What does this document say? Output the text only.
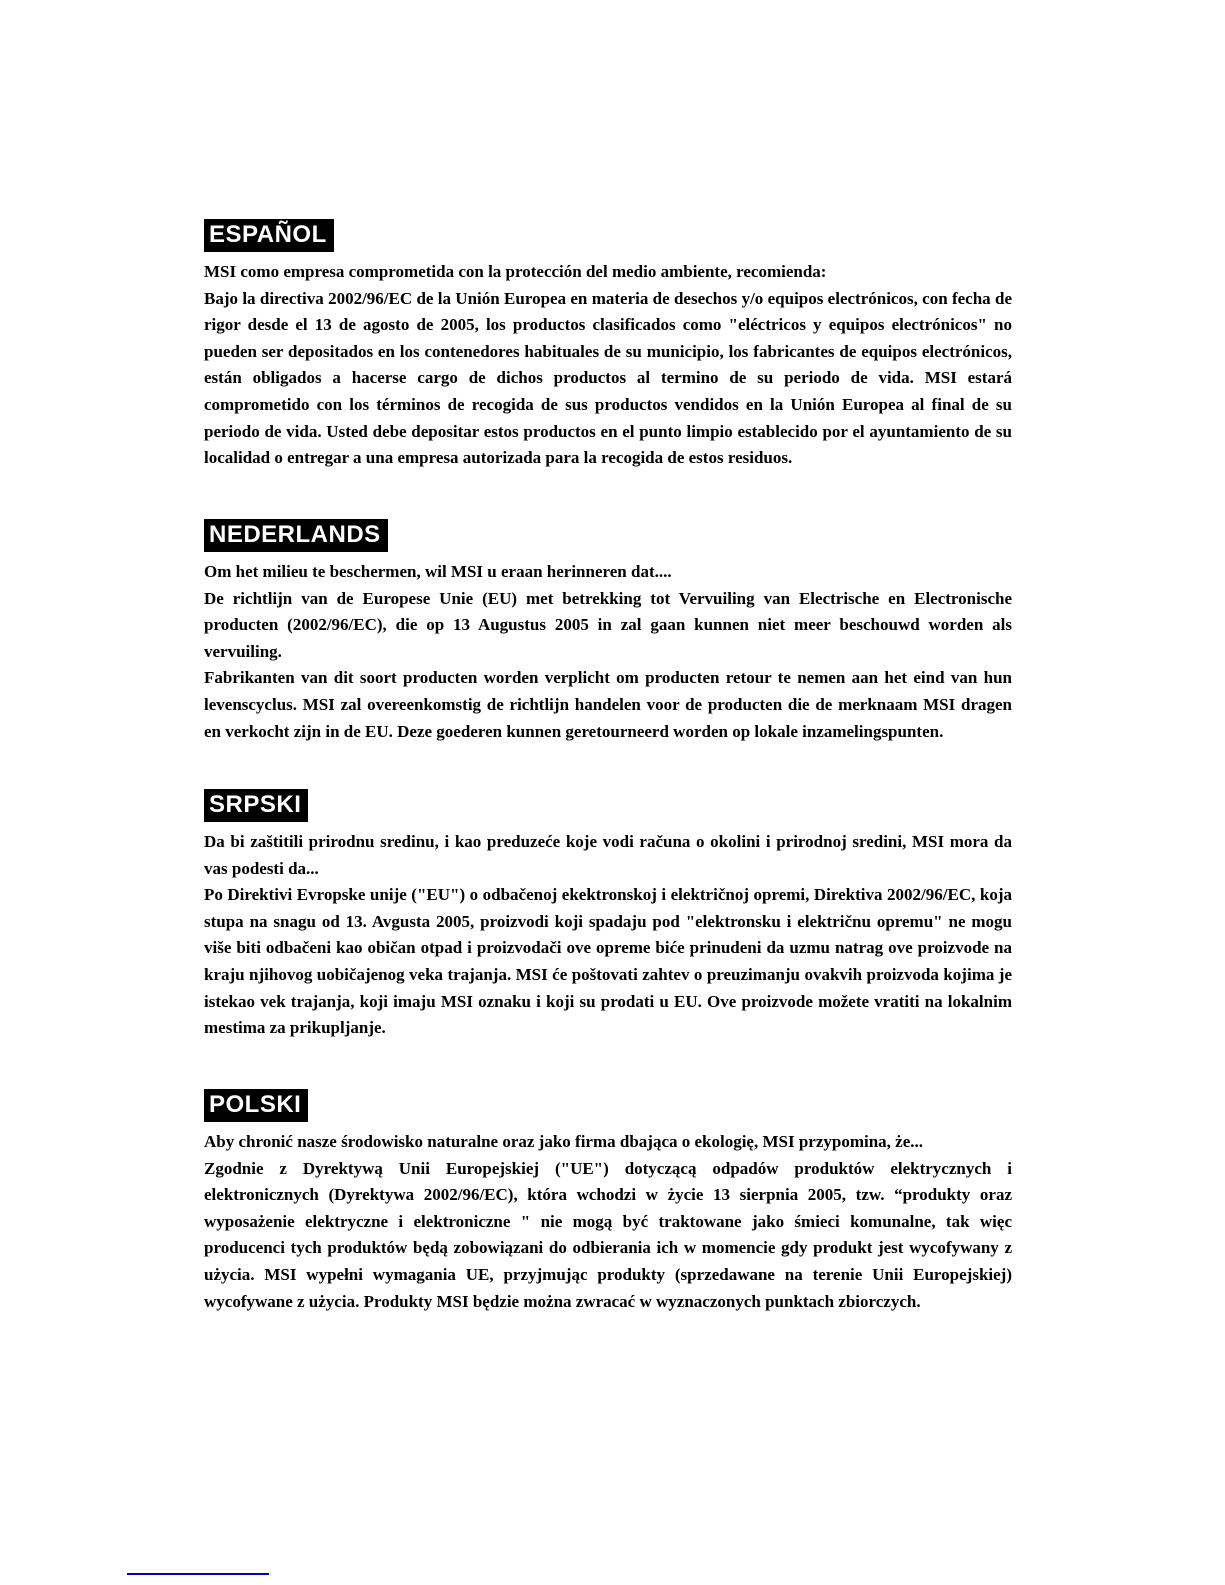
ESPAÑOL

MSI como empresa comprometida con la protección del medio ambiente, recomienda:

Bajo la directiva 2002/96/EC de la Unión Europea en materia de desechos y/o equipos electrónicos, con fecha de rigor desde el 13 de agosto de 2005, los productos clasificados como "eléctricos y equipos electrónicos" no pueden ser depositados en los contenedores habituales de su municipio, los fabricantes de equipos electrónicos, están obligados a hacerse cargo de dichos productos al termino de su periodo de vida. MSI estará comprometido con los términos de recogida de sus productos vendidos en la Unión Europea al final de su periodo de vida. Usted debe depositar estos productos en el punto limpio establecido por el ayuntamiento de su localidad o entregar a una empresa autorizada para la recogida de estos residuos.

NEDERLANDS

Om het milieu te beschermen, wil MSI u eraan herinneren dat....

De richtlijn van de Europese Unie (EU) met betrekking tot Vervuiling van Electrische en Electronische producten (2002/96/EC), die op 13 Augustus 2005 in zal gaan kunnen niet meer beschouwd worden als vervuiling.

Fabrikanten van dit soort producten worden verplicht om producten retour te nemen aan het eind van hun levenscyclus. MSI zal overeenkomstig de richtlijn handelen voor de producten die de merknaam MSI dragen en verkocht zijn in de EU. Deze goederen kunnen geretourneerd worden op lokale inzamelingspunten.

SRPSKI

Da bi zaštitili prirodnu sredinu, i kao preduzeće koje vodi računa o okolini i prirodnoj sredini, MSI mora da vas podesti da...

Po Direktivi Evropske unije ("EU") o odbačenoj ekektronskoj i električnoj opremi, Direktiva 2002/96/EC, koja stupa na snagu od 13. Avgusta 2005, proizvodi koji spadaju pod "elektronsku i električnu opremu" ne mogu više biti odbačeni kao običan otpad i proizvodači ove opreme biće prinudeni da uzmu natrag ove proizvode na kraju njihovog uobičajenog veka trajanja. MSI će poštovati zahtev o preuzimanju ovakvih proizvoda kojima je istekao vek trajanja, koji imaju MSI oznaku i koji su prodati u EU. Ove proizvode možete vratiti na lokalnim mestima za prikupljanje.

POLSKI

Aby chronić nasze środowisko naturalne oraz jako firma dbająca o ekologię, MSI przypomina, że...

Zgodnie z Dyrektywą Unii Europejskiej ("UE") dotyczącą odpadów produktów elektrycznych i elektronicznych (Dyrektywa 2002/96/EC), która wchodzi w życie 13 sierpnia 2005, tzw. “produkty oraz wyposażenie elektryczne i elektroniczne " nie mogą być traktowane jako śmieci komunalne, tak więc producenci tych produktów będą zobowiązani do odbierania ich w momencie gdy produkt jest wycofywany z użycia. MSI wypełni wymagania UE, przyjmując produkty (sprzedawane na terenie Unii Europejskiej) wycofywane z użycia. Produkty MSI będzie można zwracać w wyznaczonych punktach zbiorczych.
